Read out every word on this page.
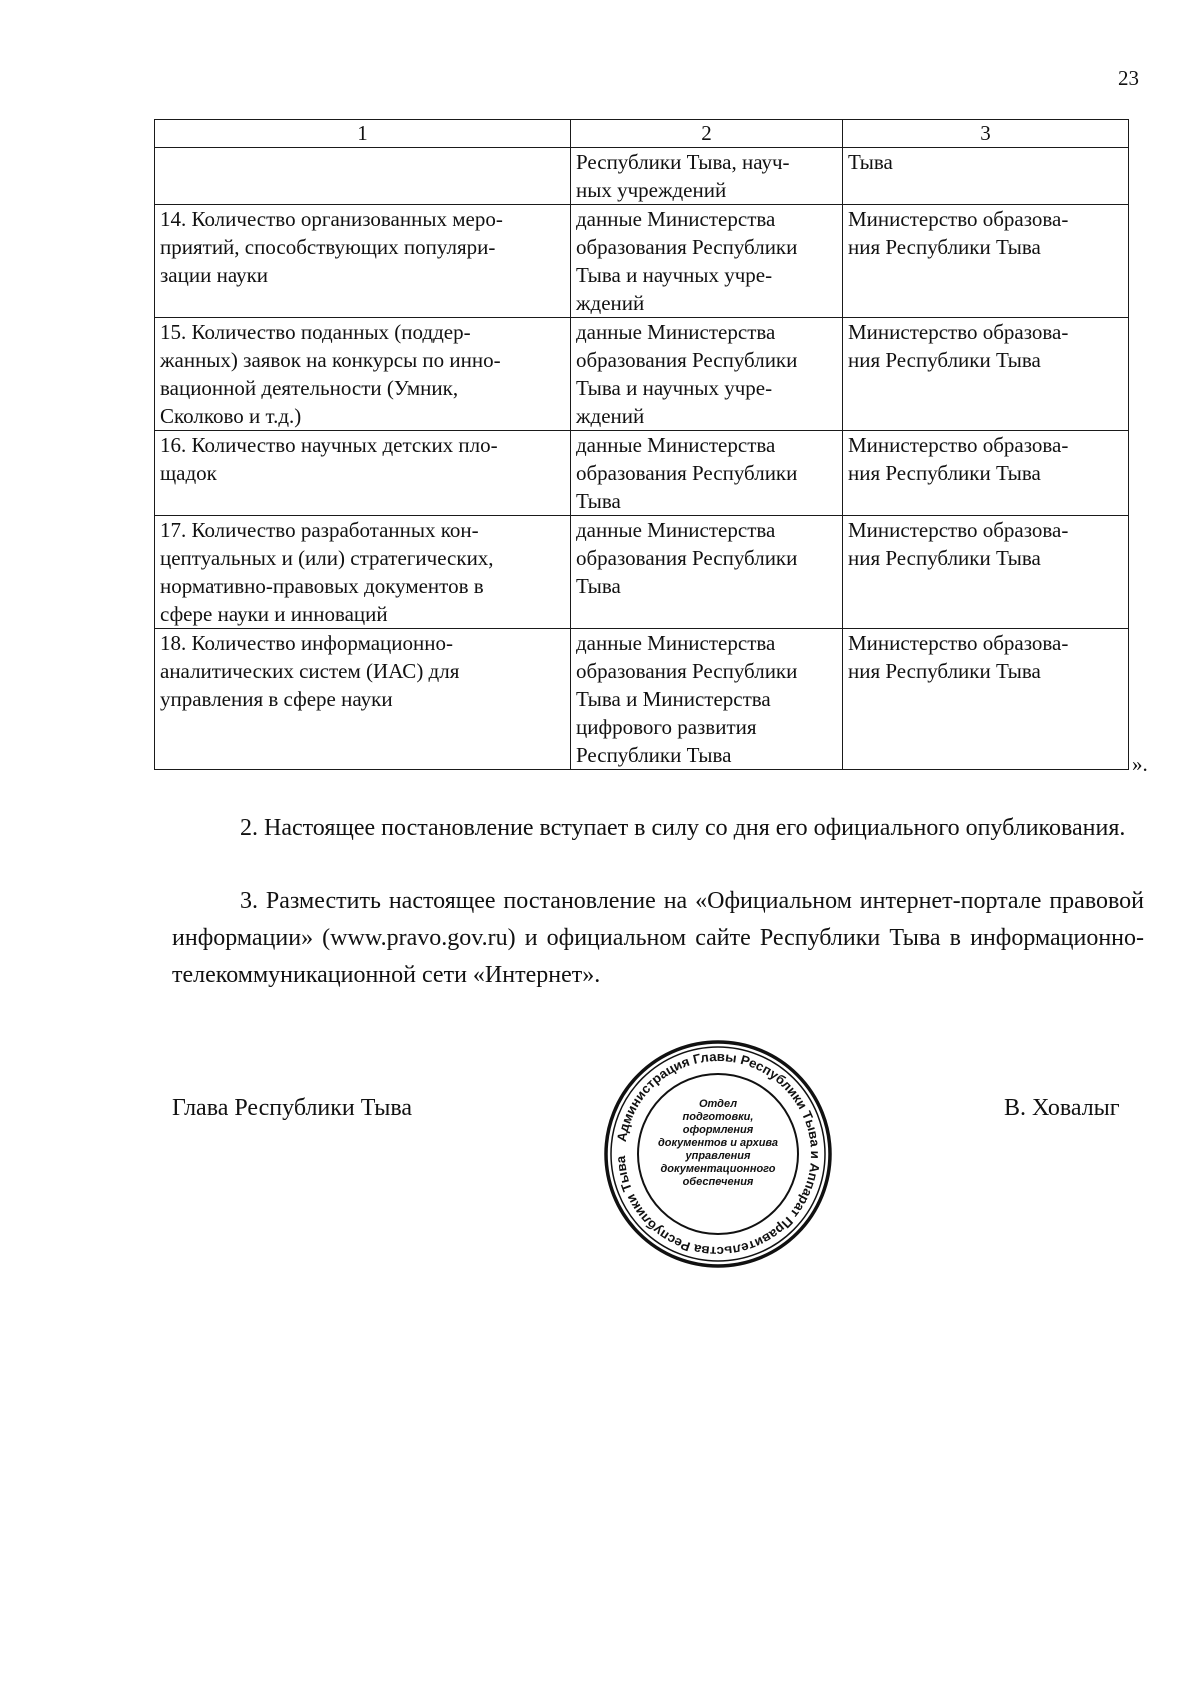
23
1	2	3
	Республики Тыва, науч-
ных учреждений	Тыва
14. Количество организованных меро-
приятий, способствующих популяри-
зации науки	данные Министерства
образования Республики
Тыва и научных учре-
ждений	Министерство образова-
ния Республики Тыва
15. Количество поданных (поддер-
жанных) заявок на конкурсы по инно-
вационной деятельности (Умник,
Сколково и т.д.)	данные Министерства
образования Республики
Тыва и научных учре-
ждений	Министерство образова-
ния Республики Тыва
16. Количество научных детских пло-
щадок	данные Министерства
образования Республики
Тыва	Министерство образова-
ния Республики Тыва
17. Количество разработанных кон-
цептуальных и (или) стратегических,
нормативно-правовых документов в
сфере науки и инноваций	данные Министерства
образования Республики
Тыва	Министерство образова-
ния Республики Тыва
18. Количество информационно-
аналитических систем (ИАС) для
управления в сфере науки	данные Министерства
образования Республики
Тыва и Министерства
цифрового развития
Республики Тыва	Министерство образова-
ния Республики Тыва
».
2. Настоящее постановление вступает в силу со дня его официального опубликования.
3. Разместить настоящее постановление на «Официальном интернет-портале правовой информации» (www.pravo.gov.ru) и официальном сайте Республики Тыва в информационно-телекоммуникационной сети «Интернет».
Глава Республики Тыва	В. Ховалыг
Администрация Главы Республики Тыва и Аппарат Правительства Республики Тыва
Отдел
подготовки,
оформления
документов и архива
управления
документационного
обеспечения
